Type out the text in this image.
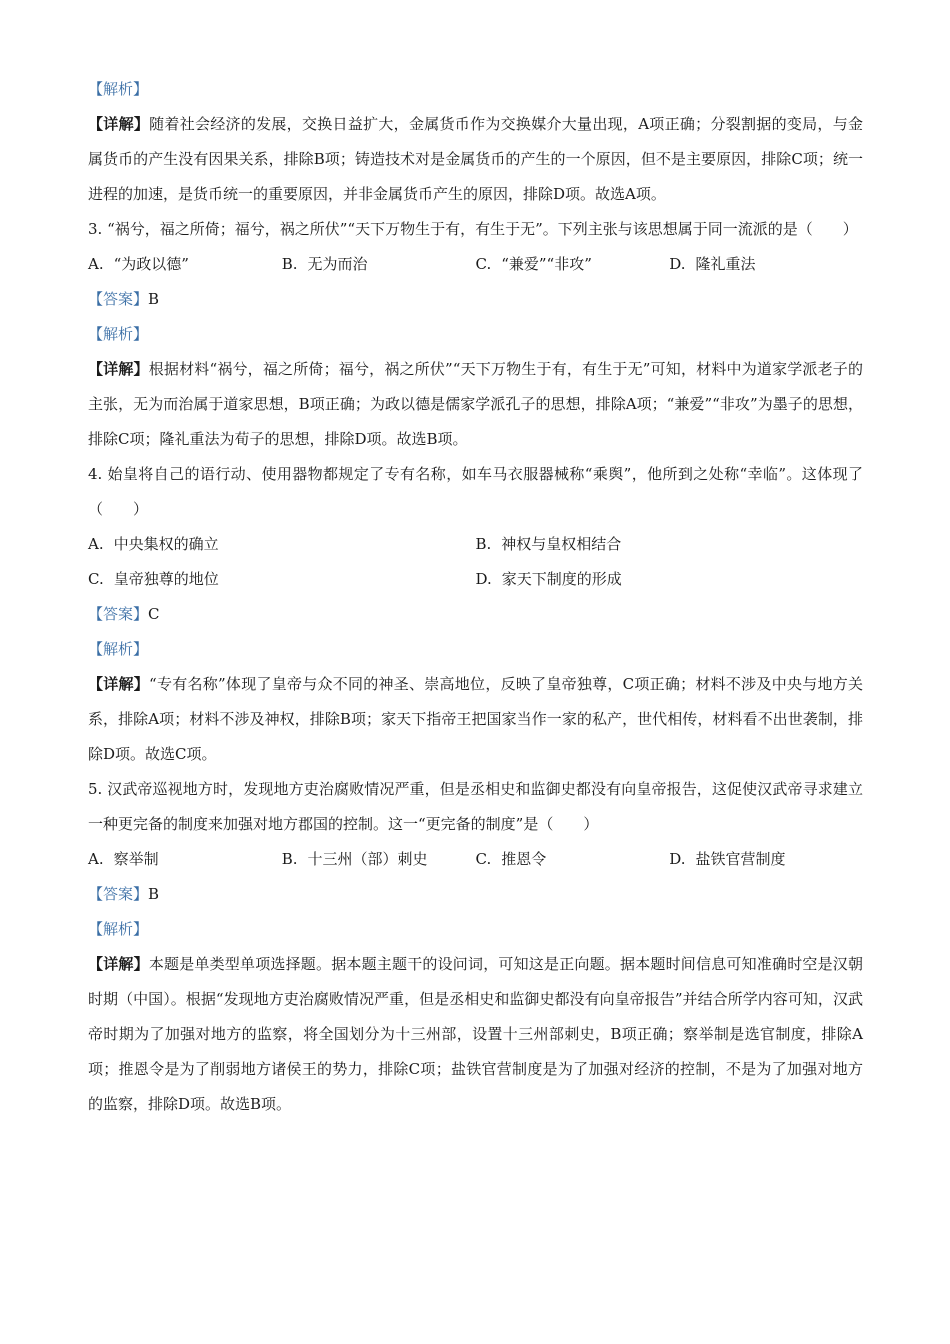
【解析】
【详解】随着社会经济的发展，交换日益扩大，金属货币作为交换媒介大量出现，A项正确；分裂割据的变局，与金属货币的产生没有因果关系，排除B项；铸造技术对是金属货币的产生的一个原因，但不是主要原因，排除C项；统一进程的加速，是货币统一的重要原因，并非金属货币产生的原因，排除D项。故选A项。
3. “祸兮，福之所倚；福兮，祸之所伏”“天下万物生于有，有生于无”。下列主张与该思想属于同一流派的是（　　）
A. “为政以德”	B. 无为而治	C. “兼爱”“非攻”	D. 隆礼重法
【答案】B
【解析】
【详解】根据材料“祸兮，福之所倚；福兮，祸之所伏”“天下万物生于有，有生于无”可知，材料中为道家学派老子的主张，无为而治属于道家思想，B项正确；为政以德是儒家学派孔子的思想，排除A项；“兼爱”“非攻”为墨子的思想，排除C项；隆礼重法为荀子的思想，排除D项。故选B项。
4. 始皇将自己的语行动、使用器物都规定了专有名称，如车马衣服器械称“乘舆”，他所到之处称“幸临”。这体现了（　　）
A. 中央集权的确立	B. 神权与皇权相结合
C. 皇帝独尊的地位	D. 家天下制度的形成
【答案】C
【解析】
【详解】“专有名称”体现了皇帝与众不同的神圣、崇高地位，反映了皇帝独尊，C项正确；材料不涉及中央与地方关系，排除A项；材料不涉及神权，排除B项；家天下指帝王把国家当作一家的私产，世代相传，材料看不出世袭制，排除D项。故选C项。
5. 汉武帝巡视地方时，发现地方吏治腐败情况严重，但是丞相史和监御史都没有向皇帝报告，这促使汉武帝寻求建立一种更完备的制度来加强对地方郡国的控制。这一“更完备的制度”是（　　）
A. 察举制	B. 十三州（部）刺史	C. 推恩令	D. 盐铁官营制度
【答案】B
【解析】
【详解】本题是单类型单项选择题。据本题主题干的设问词，可知这是正向题。据本题时间信息可知准确时空是汉朝时期（中国）。根据“发现地方吏治腐败情况严重，但是丞相史和监御史都没有向皇帝报告”并结合所学内容可知，汉武帝时期为了加强对地方的监察，将全国划分为十三州部，设置十三州部刺史，B项正确；察举制是选官制度，排除A项；推恩令是为了削弱地方诸侯王的势力，排除C项；盐铁官营制度是为了加强对经济的控制，不是为了加强对地方的监察，排除D项。故选B项。
